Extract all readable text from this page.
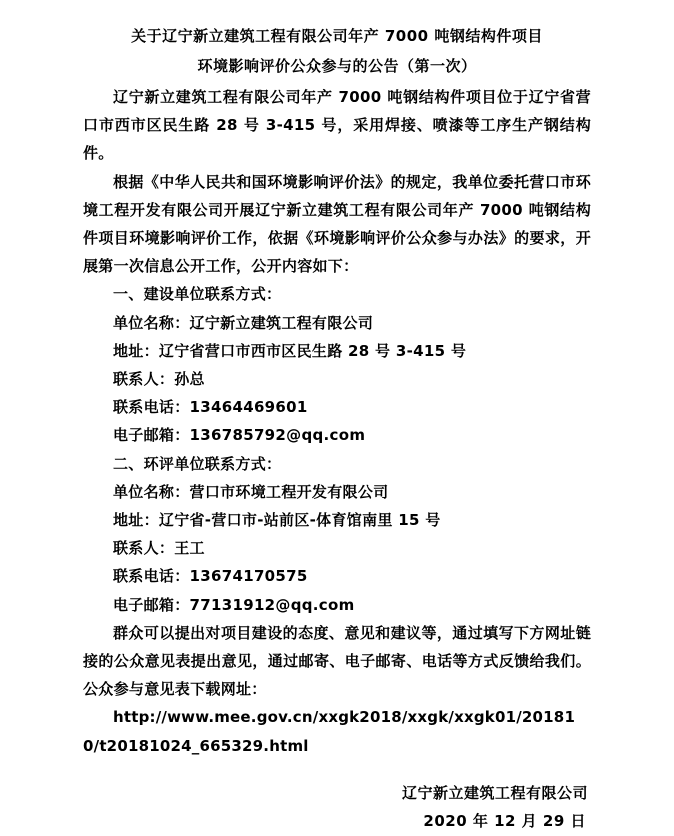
关于辽宁新立建筑工程有限公司年产 7000 吨钢结构件项目
环境影响评价公众参与的公告（第一次）

辽宁新立建筑工程有限公司年产 7000 吨钢结构件项目位于辽宁省营口市西市区民生路 28 号 3-415 号，采用焊接、喷漆等工序生产钢结构件。

根据《中华人民共和国环境影响评价法》的规定，我单位委托营口市环境工程开发有限公司开展辽宁新立建筑工程有限公司年产 7000 吨钢结构件项目环境影响评价工作，依据《环境影响评价公众参与办法》的要求，开展第一次信息公开工作，公开内容如下：

一、建设单位联系方式：
单位名称：辽宁新立建筑工程有限公司
地址：辽宁省营口市西市区民生路 28 号 3-415 号
联系人：孙总
联系电话：13464469601
电子邮箱：136785792@qq.com
二、环评单位联系方式：
单位名称：营口市环境工程开发有限公司
地址：辽宁省-营口市-站前区-体育馆南里 15 号
联系人：王工
联系电话：13674170575
电子邮箱：77131912@qq.com

群众可以提出对项目建设的态度、意见和建议等，通过填写下方网址链接的公众意见表提出意见，通过邮寄、电子邮寄、电话等方式反馈给我们。公众参与意见表下载网址：

http://www.mee.gov.cn/xxgk2018/xxgk/xxgk01/201810/t20181024_665329.html

辽宁新立建筑工程有限公司
2020 年 12 月 29 日
